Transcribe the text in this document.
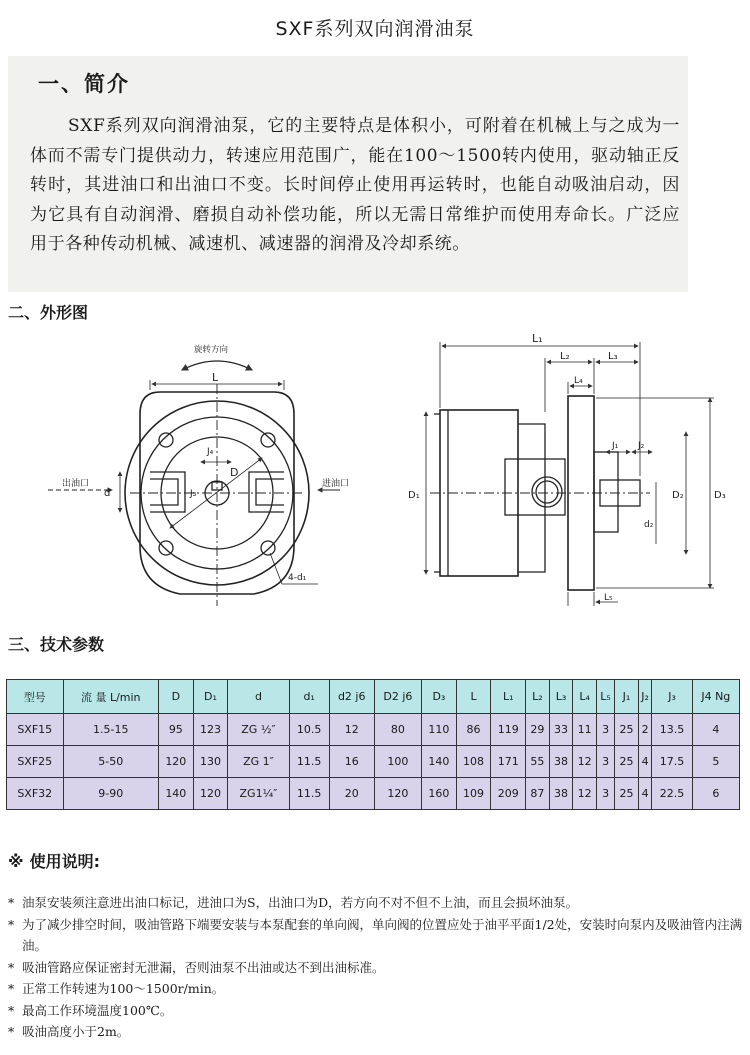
SXF系列双向润滑油泵
一、简介
SXF系列双向润滑油泵，它的主要特点是体积小，可附着在机械上与之成为一体而不需专门提供动力，转速应用范围广，能在100～1500转内使用，驱动轴正反转时，其进油口和出油口不变。长时间停止使用再运转时，也能自动吸油启动，因为它具有自动润滑、磨损自动补偿功能，所以无需日常维护而使用寿命长。广泛应用于各种传动机械、减速机、减速器的润滑及冷却系统。
二、外形图
旋转方向
L
J₄
D
J₃
d
出油口	进油口
4-d₁
L₁
L₂	L₃
L₄
J₁ J₂
D₁	D₂	D₃
d₂
L₅
三、技术参数
型号	流 量 L/min	D	D₁	d	d₁	d2 j6	D2 j6	D₃	L	L₁	L₂	L₃	L₄	L₅	J₁	J₂	J₃	J4 Ng
SXF15	1.5-15	95	123	ZG ½″	10.5	12	80	110	86	119	29	33	11	3	25	2	13.5	4
SXF25	5-50	120	130	ZG 1″	11.5	16	100	140	108	171	55	38	12	3	25	4	17.5	5
SXF32	9-90	140	120	ZG1¼″	11.5	20	120	160	109	209	87	38	12	3	25	4	22.5	6
※ 使用说明:
* 油泵安装须注意进出油口标记，进油口为S，出油口为D，若方向不对不但不上油，而且会损坏油泵。
* 为了减少排空时间，吸油管路下端要安装与本泵配套的单向阀，单向阀的位置应处于油平平面1/2处，安装时向泵内及吸油管内注满油。
* 吸油管路应保证密封无泄漏，否则油泵不出油或达不到出油标准。
* 正常工作转速为100～1500r/min。
* 最高工作环境温度100℃。
* 吸油高度小于2m。
